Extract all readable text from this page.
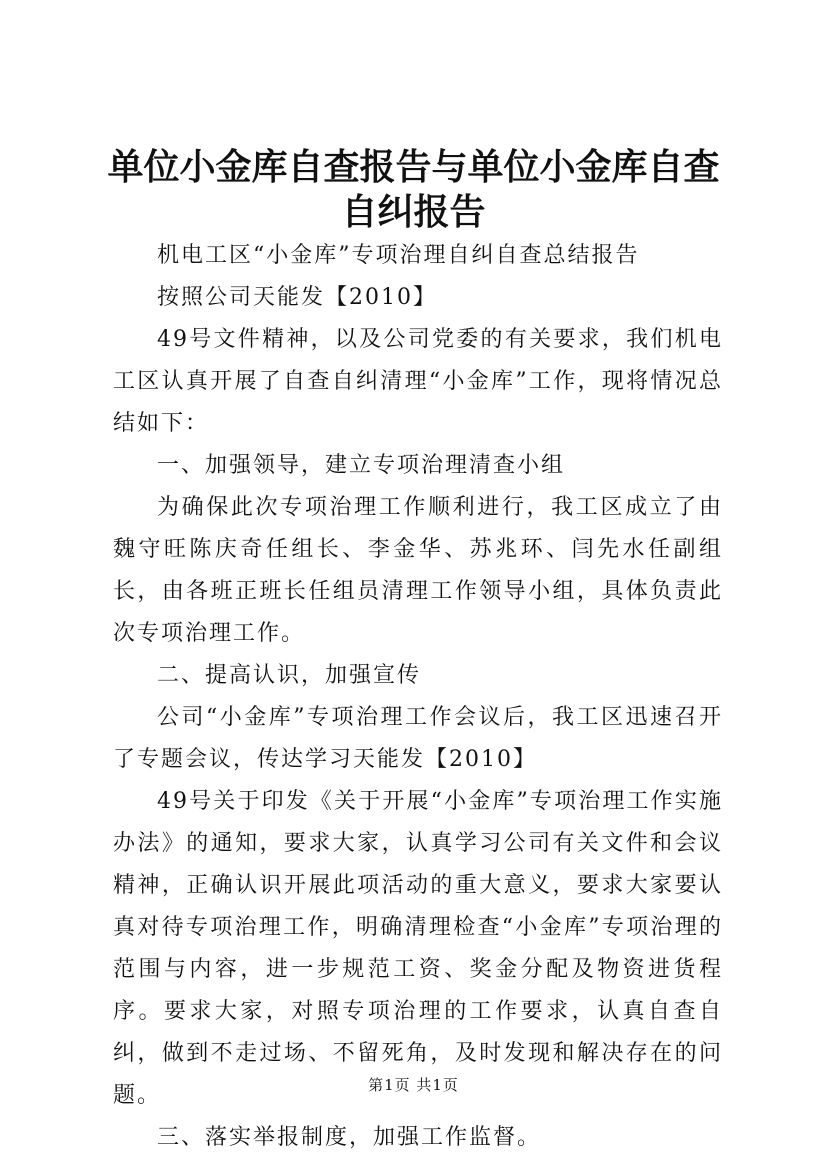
单位小金库自查报告与单位小金库自查自纠报告

机电工区“小金库”专项治理自纠自查总结报告

按照公司天能发【2010】

49号文件精神，以及公司党委的有关要求，我们机电工区认真开展了自查自纠清理“小金库”工作，现将情况总结如下：

一、加强领导，建立专项治理清查小组

为确保此次专项治理工作顺利进行，我工区成立了由魏守旺陈庆奇任组长、李金华、苏兆环、闫先水任副组长，由各班正班长任组员清理工作领导小组，具体负责此次专项治理工作。

二、提高认识，加强宣传

公司“小金库”专项治理工作会议后，我工区迅速召开了专题会议，传达学习天能发【2010】

49号关于印发《关于开展“小金库”专项治理工作实施办法》的通知，要求大家，认真学习公司有关文件和会议精神，正确认识开展此项活动的重大意义，要求大家要认真对待专项治理工作，明确清理检查“小金库”专项治理的范围与内容，进一步规范工资、奖金分配及物资进货程序。要求大家，对照专项治理的工作要求，认真自查自纠，做到不走过场、不留死角，及时发现和解决存在的问题。

三、落实举报制度，加强工作监督。

第1页 共1页
